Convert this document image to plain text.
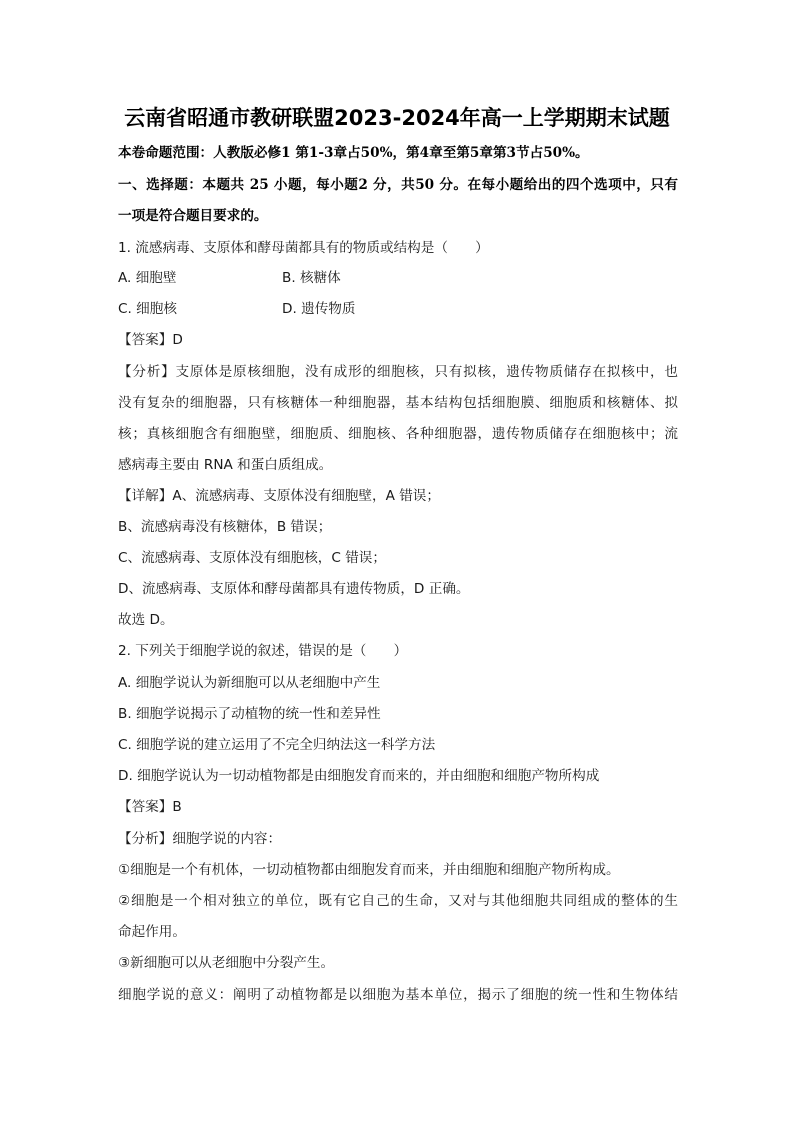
云南省昭通市教研联盟2023-2024年高一上学期期末试题
本卷命题范围：人教版必修1 第1-3章占50%，第4章至第5章第3节占50%。
一、选择题：本题共 25 小题，每小题2 分，共50 分。在每小题给出的四个选项中，只有
一项是符合题目要求的。
1. 流感病毒、支原体和酵母菌都具有的物质或结构是（　　）
A. 细胞壁	B. 核糖体
C. 细胞核	D. 遗传物质
【答案】D
【分析】支原体是原核细胞，没有成形的细胞核，只有拟核，遗传物质储存在拟核中，也
没有复杂的细胞器，只有核糖体一种细胞器，基本结构包括细胞膜、细胞质和核糖体、拟
核；真核细胞含有细胞壁，细胞质、细胞核、各种细胞器，遗传物质储存在细胞核中；流
感病毒主要由 RNA 和蛋白质组成。
【详解】A、流感病毒、支原体没有细胞壁，A 错误；
B、流感病毒没有核糖体，B 错误；
C、流感病毒、支原体没有细胞核，C 错误；
D、流感病毒、支原体和酵母菌都具有遗传物质，D 正确。
故选 D。
2. 下列关于细胞学说的叙述，错误的是（　　）
A. 细胞学说认为新细胞可以从老细胞中产生
B. 细胞学说揭示了动植物的统一性和差异性
C. 细胞学说的建立运用了不完全归纳法这一科学方法
D. 细胞学说认为一切动植物都是由细胞发育而来的，并由细胞和细胞产物所构成
【答案】B
【分析】细胞学说的内容：
①细胞是一个有机体，一切动植物都由细胞发育而来，并由细胞和细胞产物所构成。
②细胞是一个相对独立的单位，既有它自己的生命，又对与其他细胞共同组成的整体的生
命起作用。
③新细胞可以从老细胞中分裂产生。
细胞学说的意义：阐明了动植物都是以细胞为基本单位，揭示了细胞的统一性和生物体结
